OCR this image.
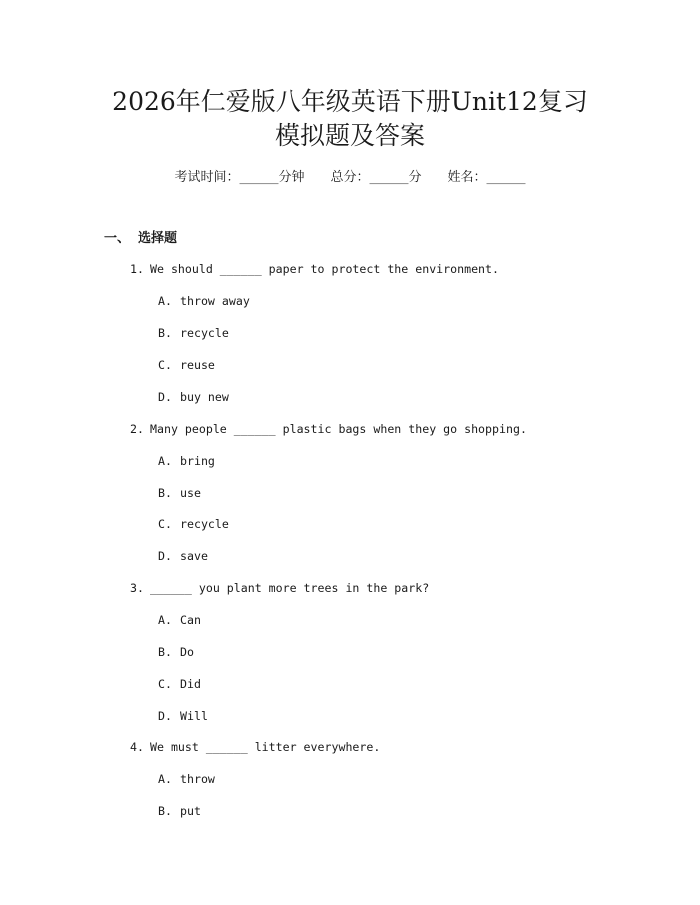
2026年仁爱版八年级英语下册Unit12复习
模拟题及答案
考试时间：______分钟 总分：______分 姓名：______
一、 选择题
1. We should ______ paper to protect the environment.
A. throw away
B. recycle
C. reuse
D. buy new
2. Many people ______ plastic bags when they go shopping.
A. bring
B. use
C. recycle
D. save
3. ______ you plant more trees in the park?
A. Can
B. Do
C. Did
D. Will
4. We must ______ litter everywhere.
A. throw
B. put
